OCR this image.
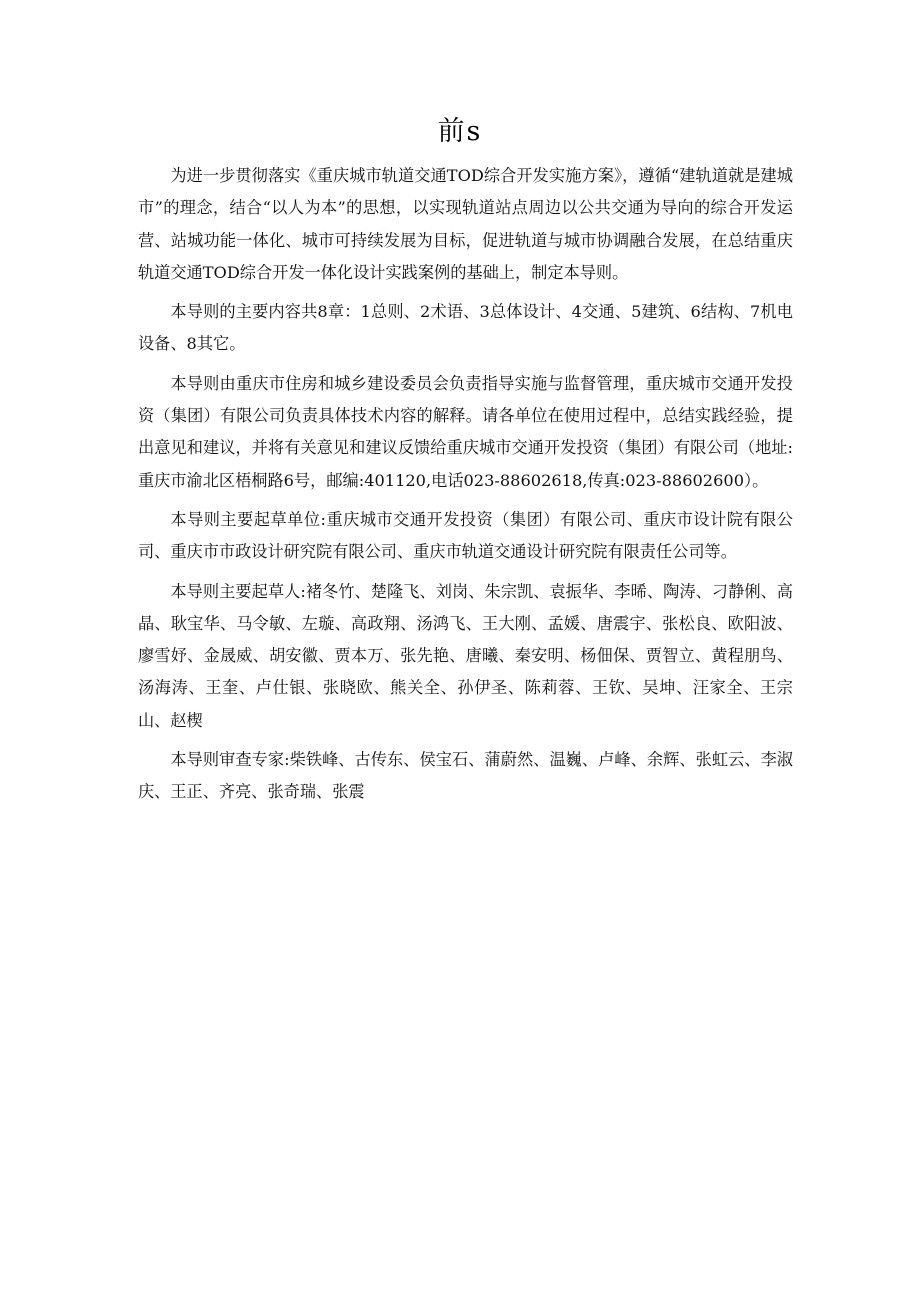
前s

为进一步贯彻落实《重庆城市轨道交通TOD综合开发实施方案》，遵循“建轨道就是建城市”的理念，结合“以人为本”的思想，以实现轨道站点周边以公共交通为导向的综合开发运营、站城功能一体化、城市可持续发展为目标，促进轨道与城市协调融合发展，在总结重庆轨道交通TOD综合开发一体化设计实践案例的基础上，制定本导则。

本导则的主要内容共8章：1总则、2术语、3总体设计、4交通、5建筑、6结构、7机电设备、8其它。

本导则由重庆市住房和城乡建设委员会负责指导实施与监督管理，重庆城市交通开发投资（集团）有限公司负责具体技术内容的解释。请各单位在使用过程中，总结实践经验，提出意见和建议，并将有关意见和建议反馈给重庆城市交通开发投资（集团）有限公司（地址:重庆市渝北区梧桐路6号，邮编:401120,电话023-88602618,传真:023-88602600）。

本导则主要起草单位:重庆城市交通开发投资（集团）有限公司、重庆市设计院有限公司、重庆市市政设计研究院有限公司、重庆市轨道交通设计研究院有限责任公司等。

本导则主要起草人:褚冬竹、楚隆飞、刘岗、朱宗凯、袁振华、李晞、陶涛、刁静俐、高晶、耿宝华、马令敏、左璇、高政翔、汤鸿飞、王大刚、孟媛、唐震宇、张松良、欧阳波、廖雪妤、金晟威、胡安徽、贾本万、张先艳、唐曦、秦安明、杨佃保、贾智立、黄程朋鸟、汤海涛、王奎、卢仕银、张晓欧、熊关全、孙伊圣、陈莉蓉、王钦、吴坤、汪家全、王宗山、赵楔

本导则审查专家:柴铁峰、古传东、侯宝石、蒲蔚然、温巍、卢峰、余辉、张虹云、李淑庆、王正、齐亮、张奇瑞、张震
